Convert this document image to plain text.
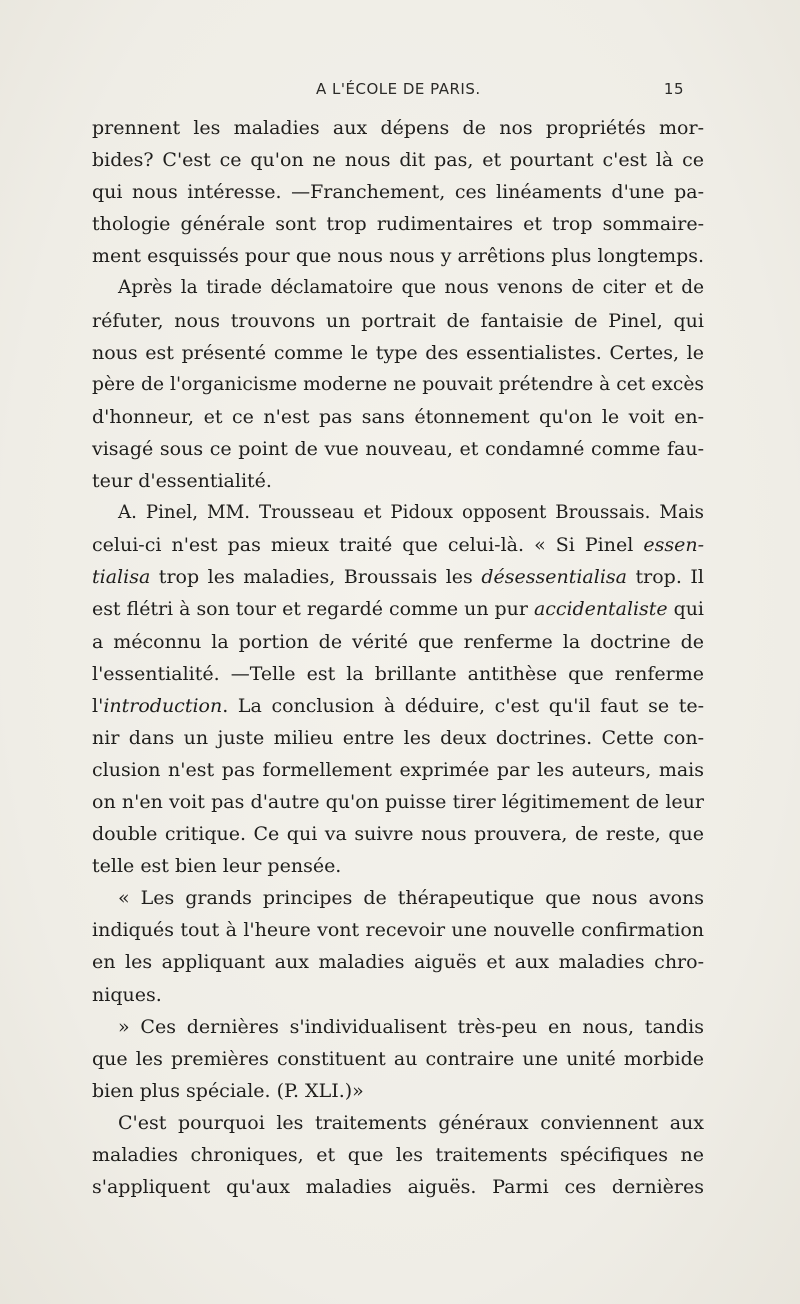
A L'ÉCOLE DE PARIS.	15
prennent les maladies aux dépens de nos propriétés mor-
bides? C'est ce qu'on ne nous dit pas, et pourtant c'est là ce
qui nous intéresse. —Franchement, ces linéaments d'une pa-
thologie générale sont trop rudimentaires et trop sommaire-
ment esquissés pour que nous nous y arrêtions plus longtemps.
Après la tirade déclamatoire que nous venons de citer et de
réfuter, nous trouvons un portrait de fantaisie de Pinel, qui
nous est présenté comme le type des essentialistes. Certes, le
père de l'organicisme moderne ne pouvait prétendre à cet excès
d'honneur, et ce n'est pas sans étonnement qu'on le voit en-
visagé sous ce point de vue nouveau, et condamné comme fau-
teur d'essentialité.
A. Pinel, MM. Trousseau et Pidoux opposent Broussais. Mais
celui-ci n'est pas mieux traité que celui-là. « Si Pinel essen-
tialisa trop les maladies, Broussais les désessentialisa trop. Il
est flétri à son tour et regardé comme un pur accidentaliste qui
a méconnu la portion de vérité que renferme la doctrine de
l'essentialité. —Telle est la brillante antithèse que renferme
l'introduction. La conclusion à déduire, c'est qu'il faut se te-
nir dans un juste milieu entre les deux doctrines. Cette con-
clusion n'est pas formellement exprimée par les auteurs, mais
on n'en voit pas d'autre qu'on puisse tirer légitimement de leur
double critique. Ce qui va suivre nous prouvera, de reste, que
telle est bien leur pensée.
« Les grands principes de thérapeutique que nous avons
indiqués tout à l'heure vont recevoir une nouvelle confirmation
en les appliquant aux maladies aiguës et aux maladies chro-
niques.
» Ces dernières s'individualisent très-peu en nous, tandis
que les premières constituent au contraire une unité morbide
bien plus spéciale. (P. XLI.)»
C'est pourquoi les traitements généraux conviennent aux
maladies chroniques, et que les traitements spécifiques ne
s'appliquent qu'aux maladies aiguës. Parmi ces dernières
